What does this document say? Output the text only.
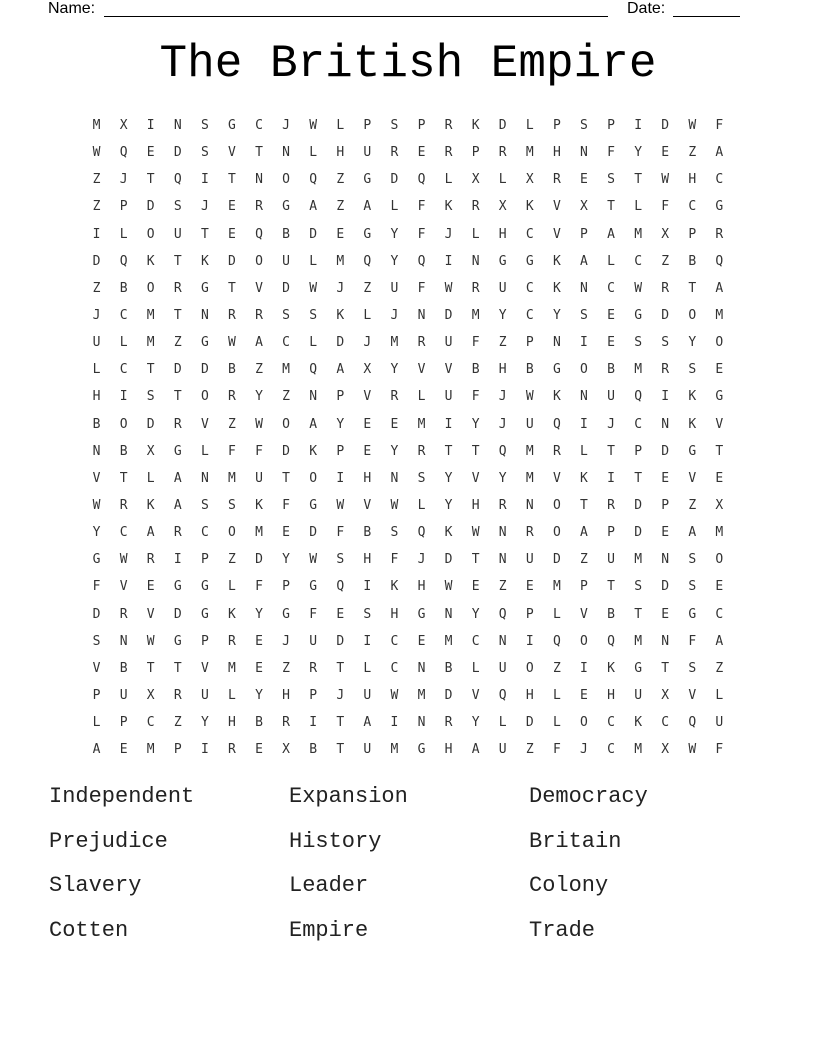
Name:	Date:
The British Empire
M	X	I	N	S	G	C	J	W	L	P	S	P	R	K	D	L	P	S	P	I	D	W	F
W	Q	E	D	S	V	T	N	L	H	U	R	E	R	P	R	M	H	N	F	Y	E	Z	A
Z	J	T	Q	I	T	N	O	Q	Z	G	D	Q	L	X	L	X	R	E	S	T	W	H	C
Z	P	D	S	J	E	R	G	A	Z	A	L	F	K	R	X	K	V	X	T	L	F	C	G
I	L	O	U	T	E	Q	B	D	E	G	Y	F	J	L	H	C	V	P	A	M	X	P	R
D	Q	K	T	K	D	O	U	L	M	Q	Y	Q	I	N	G	G	K	A	L	C	Z	B	Q
Z	B	O	R	G	T	V	D	W	J	Z	U	F	W	R	U	C	K	N	C	W	R	T	A
J	C	M	T	N	R	R	S	S	K	L	J	N	D	M	Y	C	Y	S	E	G	D	O	M
U	L	M	Z	G	W	A	C	L	D	J	M	R	U	F	Z	P	N	I	E	S	S	Y	O
L	C	T	D	D	B	Z	M	Q	A	X	Y	V	V	B	H	B	G	O	B	M	R	S	E
H	I	S	T	O	R	Y	Z	N	P	V	R	L	U	F	J	W	K	N	U	Q	I	K	G
B	O	D	R	V	Z	W	O	A	Y	E	E	M	I	Y	J	U	Q	I	J	C	N	K	V
N	B	X	G	L	F	F	D	K	P	E	Y	R	T	T	Q	M	R	L	T	P	D	G	T
V	T	L	A	N	M	U	T	O	I	H	N	S	Y	V	Y	M	V	K	I	T	E	V	E
W	R	K	A	S	S	K	F	G	W	V	W	L	Y	H	R	N	O	T	R	D	P	Z	X
Y	C	A	R	C	O	M	E	D	F	B	S	Q	K	W	N	R	O	A	P	D	E	A	M
G	W	R	I	P	Z	D	Y	W	S	H	F	J	D	T	N	U	D	Z	U	M	N	S	O
F	V	E	G	G	L	F	P	G	Q	I	K	H	W	E	Z	E	M	P	T	S	D	S	E
D	R	V	D	G	K	Y	G	F	E	S	H	G	N	Y	Q	P	L	V	B	T	E	G	C
S	N	W	G	P	R	E	J	U	D	I	C	E	M	C	N	I	Q	O	Q	M	N	F	A
V	B	T	T	V	M	E	Z	R	T	L	C	N	B	L	U	O	Z	I	K	G	T	S	Z
P	U	X	R	U	L	Y	H	P	J	U	W	M	D	V	Q	H	L	E	H	U	X	V	L
L	P	C	Z	Y	H	B	R	I	T	A	I	N	R	Y	L	D	L	O	C	K	C	Q	U
A	E	M	P	I	R	E	X	B	T	U	M	G	H	A	U	Z	F	J	C	M	X	W	F
Independent	Expansion	Democracy
Prejudice	History	Britain
Slavery	Leader	Colony
Cotten	Empire	Trade
